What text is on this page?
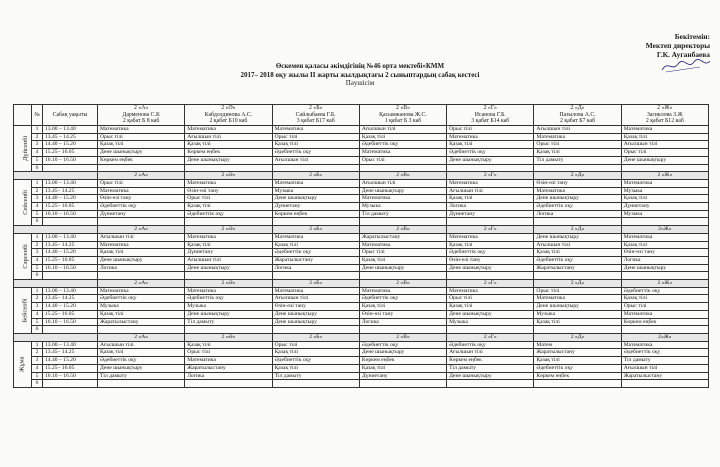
Бекітемін:
Мектеп директоры
Г.К. Ауганбаева
Өскемен қаласы әкімдігінің №46 орта мектебі»КММ
2017– 2018 оқу жылы II жарты жылдықтағы 2 сыныптардың сабақ кестесі
Пәушісім
	№	Сабақ уақыты	2 «А»
Дарменова С.К
2 қабат Б 8 каб	2 «Ә»
Кабдолдинова А.С.
2 қабат Б10 каб	2 «Б»
Сайлыбаева Г.Б.
3 қабат Б17 каб	2 «В»
Қасымжанова Ж.С.
1 қабат Б 3 каб	2 «Г»
Исанова Г.Б.
3 қабат Б14 каб	2 «Д»
Пазылова А.С.
2 қабат Б7 каб	2 «Ж»
Загиклова З.Ж
2 қабат Б12 каб

Дүйсенбі	1	13.00 – 13.40	Математика	Математика	Математика	Ағылшын тілі	Орыс тілі	Ағылшын тілі	Математика
	2	13.45 – 14.25	Орыс тілі	Ағылшын тілі	Орыс тілі	Қазақ тілі	Математика	Математика	Қазақ тілі
	3	14.40 – 15.20	Қазақ тілі	Қазақ тілі	Қазақ тілі	Әдебиеттік оқу	Қазақ тілі	Орыс тілі	Ағылшын тілі
	4	15.25– 16.05	Дене шынықтыру	Көркем еңбек	Әдебиеттік оқу	Математика	Әдебиеттік оқу	Қазақ тілі	Орыс тілі
	5	16.10 – 16.50	Көркем еңбек	Дене шынықтыру	Ағылшын тілі	Орыс тілі	Дене шынықтыру	Тіл дамыту	Дене шынықтыру
	6								
			2 «А»	2 «Ә»	2 «Б»	2 «В»	2 «Г»	2 «Д»	2 «Ж»
Сейсенбі	1	13.00 – 13.40	Орыс тілі	Математика	Математика	Ағылшын тілі	Математика	Өзін-өзі тану	Математика
	2	13.45– 14.25	Математика	Өзін-өзі тану	Музыка	Дене шынықтыру	Ағылшын тілі	Математика	Музыка
	3	14.40 – 15.20	Өзін-өзі тану	Орыс тілі	Дене шынықтыру	Математика	Қазақ тілі	Дене шынықтыру	Қазақ тілі
	4	15.25– 16.05	Әдебиеттік оқу	Қазақ тілі	Дүниетану	Музыка	Логика	Әдебиеттік оқу	Дүниетану
	5	16.10 – 16.50	Дүниетану	Әдебиеттік оқу	Көркем еңбек	Тіл дамыту	Дүниетану	Логика	Музыка
	6								
			2 «А»	2 «Ә»	2 «Б»	2 «В»	2 «Г»	2 «Д»	2«Ж»
Сәрсенбі	1	13.00 – 13.40	Ағылшын тілі	Математика	Математика	Жаратылыстану	Математика	Дене шынықтыру	Математика
	2	13.45– 14.25	Математика	Қазақ тілі	Қазақ тілі	Математика	Қазақ тілі	Ағылшын тілі	Қазақ тілі
	3	14.40 – 15.20	Қазақ тілі	Дүниетану	Әдебиеттік оқу	Орыс тілі	Әдебиеттік оқу	Қазақ тілі	Өзін-өзі тану
	4	15.25– 16.05	Дене шынықтыру	Ағылшын тілі	Жаратылыстану	Қазақ тілі	Өзін-өзі тану	Әдебиеттік оқу	Логика
	5	16.10 – 16.50	Логика	Дене шынықтыру	Логика	Дене шынықтыру	Дене шынықтыру	Жаратылыстану	Дене шынықтыру
	6								
			2 «А»	2 «Ә»	2 «Б»	2 «В»	2 «Г»	2 «Д»	2 «Ж»
Бейсенбі	1	13.00 – 13.40	Математика	Математика	Математика	Математика	Математика	Орыс тілі	Әдебиеттік оқу
	2	13.45– 14.25	Әдебиеттік оқу	Әдебиеттік оқу	Ағылшын тілі	Әдебиеттік оқу	Орыс тілі	Математика	Қазақ тілі
	3	14.40 – 15.20	Музыка	Музыка	Өзін-өзі тану	Қазақ тілі	Қазақ тілі	Дене шынықтыру	Орыс тілі
	4	15.25– 16.05	Қазақ тілі	Дене шынықтыру	Дене шынықтыру	Өзін-өзі тану	Дене шынықтыру	Музыка	Математика
	5	16.10 – 16.50	Жаратылыстану	Тіл дамыту	Дене шынықтыру	Логика	Музыка	Қазақ тілі	Көркем еңбек
	6								
			2 «А»	2 «Ә»	2 «Б»	2 «В»	2 «Г»	2 «Д»	2«Ж»
Жұма	1	13.00 – 13.40	Ағылшын тілі	Қазақ тілі	Орыс тілі	Әдебиеттік оқу	Әдебиеттік оқу	Матем	Математика
	2	13.45– 14.25	Қазақ тілі	Орыс тілі	Қазақ тілі	Дене шынықтыру	Ағылшын тілі	Жаратылыстану	Әдебиеттік оқу
	3	14.40 – 15.20	Әдебиеттік оқу	Математика	Әдебиеттік оқу	Көркем еңбек	Көркем еңбек	Қазақ тілі	Тіл дамыту
	4	15.25– 16.05	Дене шынықтыру	Жаратылыстану	Қазақ тілі	Қазақ тілі	Тіл дамыту	Әдебиеттік оқу	Ағылшын тілі
	5	16.10 – 16.50	Тіл дамыту	Логика	Тіл дамыту	Дүниетану	Дене шынықтыру	Көркем еңбек	Жаратылыстану
	6								
